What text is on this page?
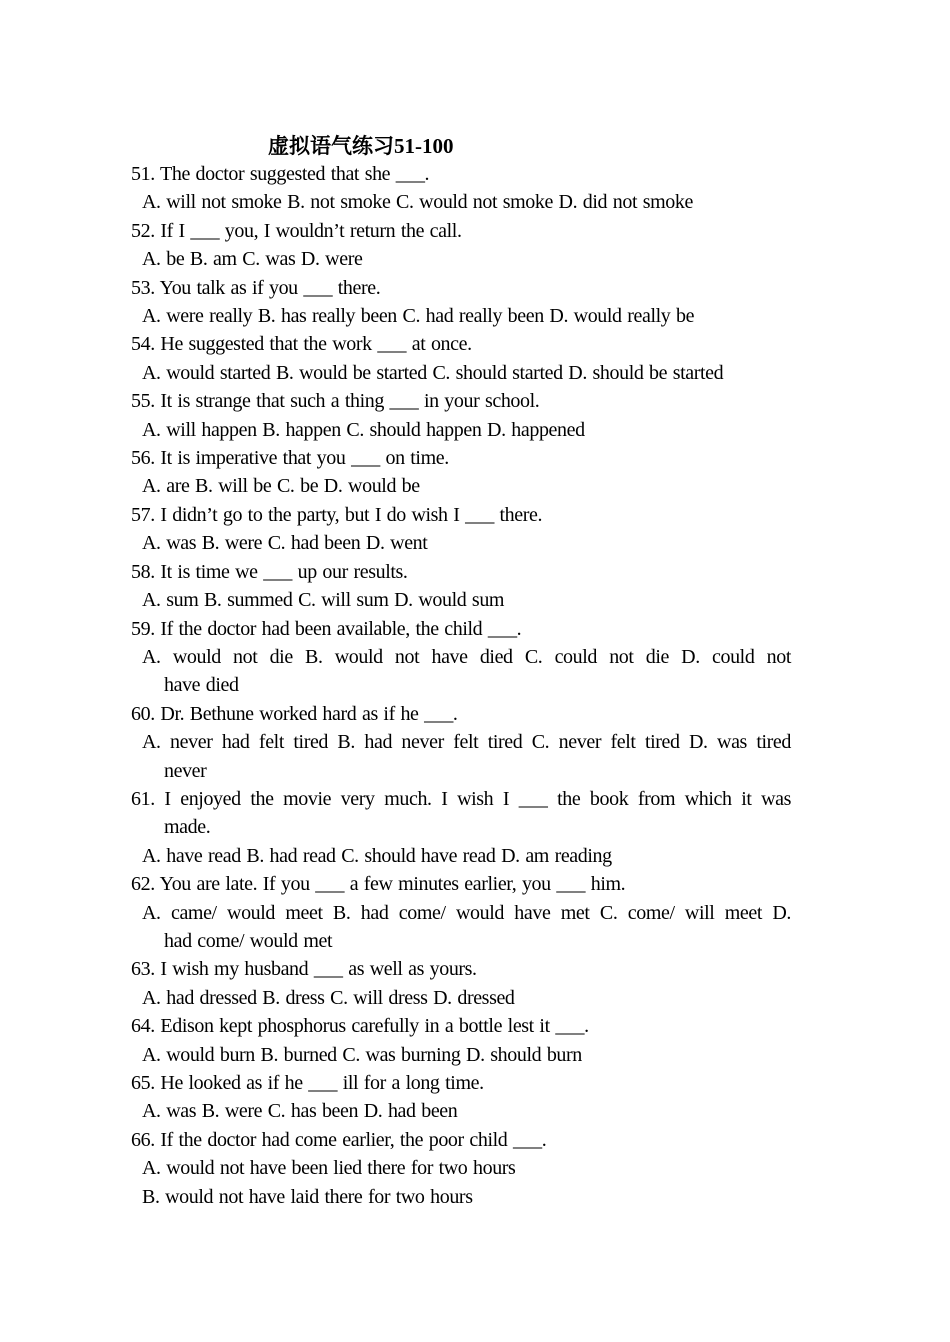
虚拟语气练习51-100
51. The doctor suggested that she ___.
A. will not smoke B. not smoke C. would not smoke D. did not smoke
52. If I ___ you, I wouldn’t return the call.
A. be B. am C. was D. were
53. You talk as if you ___ there.
A. were really B. has really been C. had really been D. would really be
54. He suggested that the work ___ at once.
A. would started B. would be started C. should started D. should be started
55. It is strange that such a thing ___ in your school.
A. will happen B. happen C. should happen D. happened
56. It is imperative that you ___ on time.
A. are B. will be C. be D. would be
57. I didn’t go to the party, but I do wish I ___ there.
A. was B. were C. had been D. went
58. It is time we ___ up our results.
A. sum B. summed C. will sum D. would sum
59. If the doctor had been available, the child ___.
A. would not die B. would not have died C. could not die D. could not
have died
60. Dr. Bethune worked hard as if he ___.
A. never had felt tired B. had never felt tired C. never felt tired D. was tired
never
61. I enjoyed the movie very much. I wish I ___ the book from which it was
made.
A. have read B. had read C. should have read D. am reading
62. You are late. If you ___ a few minutes earlier, you ___ him.
A. came/ would meet B. had come/ would have met C. come/ will meet D.
had come/ would met
63. I wish my husband ___ as well as yours.
A. had dressed B. dress C. will dress D. dressed
64. Edison kept phosphorus carefully in a bottle lest it ___.
A. would burn B. burned C. was burning D. should burn
65. He looked as if he ___ ill for a long time.
A. was B. were C. has been D. had been
66. If the doctor had come earlier, the poor child ___.
A. would not have been lied there for two hours
B. would not have laid there for two hours
